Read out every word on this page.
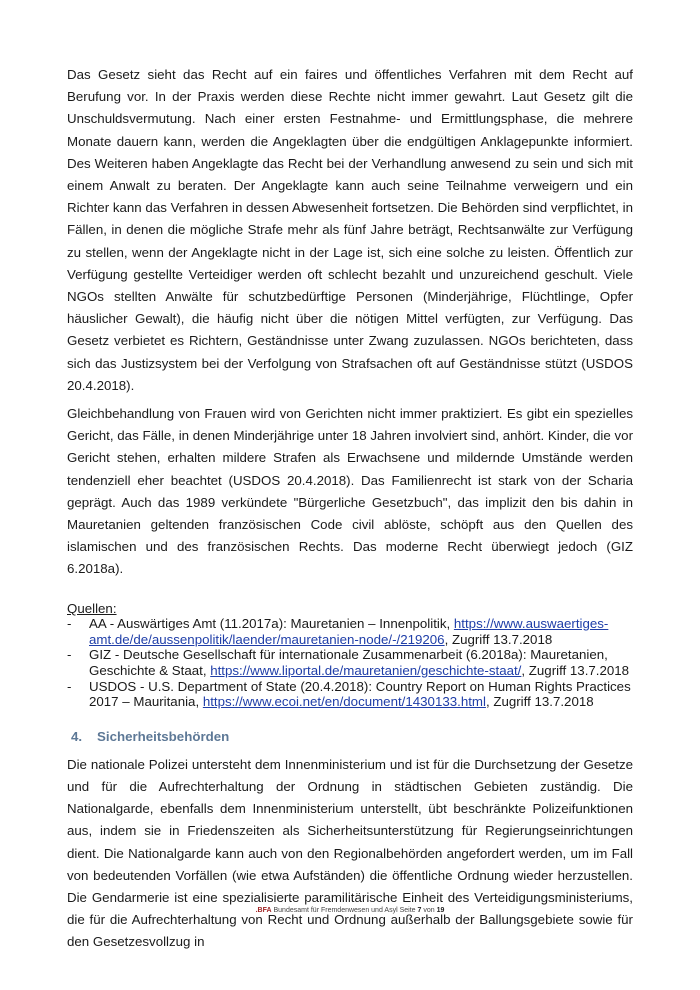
Das Gesetz sieht das Recht auf ein faires und öffentliches Verfahren mit dem Recht auf Berufung vor. In der Praxis werden diese Rechte nicht immer gewahrt. Laut Gesetz gilt die Unschuldsvermutung. Nach einer ersten Festnahme- und Ermittlungsphase, die mehrere Monate dauern kann, werden die Angeklagten über die endgültigen Anklagepunkte informiert. Des Weiteren haben Angeklagte das Recht bei der Verhandlung anwesend zu sein und sich mit einem Anwalt zu beraten. Der Angeklagte kann auch seine Teilnahme verweigern und ein Richter kann das Verfahren in dessen Abwesenheit fortsetzen. Die Behörden sind verpflichtet, in Fällen, in denen die mögliche Strafe mehr als fünf Jahre beträgt, Rechtsanwälte zur Verfügung zu stellen, wenn der Angeklagte nicht in der Lage ist, sich eine solche zu leisten. Öffentlich zur Verfügung gestellte Verteidiger werden oft schlecht bezahlt und unzureichend geschult. Viele NGOs stellten Anwälte für schutzbedürftige Personen (Minderjährige, Flüchtlinge, Opfer häuslicher Gewalt), die häufig nicht über die nötigen Mittel verfügten, zur Verfügung. Das Gesetz verbietet es Richtern, Geständnisse unter Zwang zuzulassen. NGOs berichteten, dass sich das Justizsystem bei der Verfolgung von Strafsachen oft auf Geständnisse stützt (USDOS 20.4.2018).

Gleichbehandlung von Frauen wird von Gerichten nicht immer praktiziert. Es gibt ein spezielles Gericht, das Fälle, in denen Minderjährige unter 18 Jahren involviert sind, anhört. Kinder, die vor Gericht stehen, erhalten mildere Strafen als Erwachsene und mildernde Umstände werden tendenziell eher beachtet (USDOS 20.4.2018). Das Familienrecht ist stark von der Scharia geprägt. Auch das 1989 verkündete "Bürgerliche Gesetzbuch", das implizit den bis dahin in Mauretanien geltenden französischen Code civil ablöste, schöpft aus den Quellen des islamischen und des französischen Rechts. Das moderne Recht überwiegt jedoch (GIZ 6.2018a).

Quellen:
- AA - Auswärtiges Amt (11.2017a): Mauretanien – Innenpolitik, https://www.auswaertiges-amt.de/de/aussenpolitik/laender/mauretanien-node/-/219206, Zugriff 13.7.2018
- GIZ - Deutsche Gesellschaft für internationale Zusammenarbeit (6.2018a): Mauretanien, Geschichte & Staat, https://www.liportal.de/mauretanien/geschichte-staat/, Zugriff 13.7.2018
- USDOS - U.S. Department of State (20.4.2018): Country Report on Human Rights Practices 2017 – Mauritania, https://www.ecoi.net/en/document/1430133.html, Zugriff 13.7.2018
4. Sicherheitsbehörden

Die nationale Polizei untersteht dem Innenministerium und ist für die Durchsetzung der Gesetze und für die Aufrechterhaltung der Ordnung in städtischen Gebieten zuständig. Die Nationalgarde, ebenfalls dem Innenministerium unterstellt, übt beschränkte Polizeifunktionen aus, indem sie in Friedenszeiten als Sicherheitsunterstützung für Regierungseinrichtungen dient. Die Nationalgarde kann auch von den Regionalbehörden angefordert werden, um im Fall von bedeutenden Vorfällen (wie etwa Aufständen) die öffentliche Ordnung wieder herzustellen. Die Gendarmerie ist eine spezialisierte paramilitärische Einheit des Verteidigungsministeriums, die für die Aufrechterhaltung von Recht und Ordnung außerhalb der Ballungsgebiete sowie für den Gesetzesvollzug in

.BFA Bundesamt für Fremdenwesen und Asyl Seite 7 von 19
